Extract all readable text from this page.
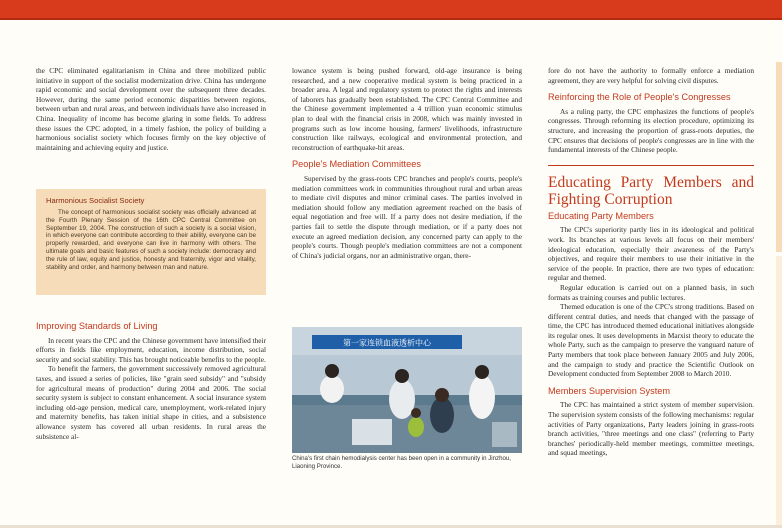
the CPC eliminated egalitarianism in China and three mobilized public initiative in support of the socialist modernization drive. China has undergone rapid economic and social development over the subsequent three decades. However, during the same period economic disparities between regions, between urban and rural areas, and between individuals have also increased in China. Inequality of income has become glaring in some fields. To address these issues the CPC adopted, in a timely fashion, the policy of building a harmonious socialist society which focuses firmly on the key objective of maintaining and achieving equity and justice.

Harmonious Socialist Society
The concept of harmonious socialist society was officially advanced at the Fourth Plenary Session of the 16th CPC Central Committee on September 19, 2004. The construction of such a society is a social vision, in which everyone can contribute according to their ability, everyone can be properly rewarded, and everyone can live in harmony with others. The ultimate goals and basic features of such a society include: democracy and the rule of law, equity and justice, honesty and fraternity, vigor and vitality, stability and order, and harmony between man and nature.
Improving Standards of Living

In recent years the CPC and the Chinese government have intensified their efforts in fields like employment, education, income distribution, social security and social stability. This has brought noticeable benefits to the people.

To benefit the farmers, the government successively removed agricultural taxes, and issued a series of policies, like "grain seed subsidy" and "subsidy for agricultural means of production" during 2004 and 2006. The social security system is subject to constant enhancement. A social insurance system including old-age pension, medical care, unemployment, work-related injury and maternity benefits, has taken initial shape in cities, and a subsistence allowance system has covered all urban residents. In rural areas the subsistence al-

lowance system is being pushed forward, old-age insurance is being researched, and a new cooperative medical system is being practiced in a broader area. A legal and regulatory system to protect the rights and interests of laborers has gradually been established. The CPC Central Committee and the Chinese government implemented a 4 trillion yuan economic stimulus plan to deal with the financial crisis in 2008, which was mainly invested in programs such as low income housing, farmers' livelihoods, infrastructure construction like railways, ecological and environmental protection, and reconstruction of earthquake-hit areas.

People's Mediation Committees

Supervised by the grass-roots CPC branches and people's courts, people's mediation committees work in communities throughout rural and urban areas to mediate civil disputes and minor criminal cases. The parties involved in mediation should follow any mediation agreement reached on the basis of equal negotiation and free will. If a party does not desire mediation, if the parties fail to settle the dispute through mediation, or if a party does not execute an agreed mediation decision, any concerned party can apply to the people's courts. Though people's mediation committees are not a component of China's judicial organs, nor an administrative organ, there-

第一家连锁血液透析中心
China's first chain hemodialysis center has been open in a community in Jinzhou, Liaoning Province.

fore do not have the authority to formally enforce a mediation agreement, they are very helpful for solving civil disputes.

Reinforcing the Role of People's Congresses

As a ruling party, the CPC emphasizes the functions of people's congresses. Through reforming its election procedure, optimizing its structure, and increasing the proportion of grass-roots deputies, the CPC ensures that decisions of people's congresses are in line with the fundamental interests of the Chinese people.

Educating Party Members and Fighting Corruption
Educating Party Members

The CPC's superiority partly lies in its ideological and political work. Its branches at various levels all focus on their members' ideological education, especially their awareness of the Party's objectives, and require their members to use their initiative in the service of the people. In practice, there are two types of education: regular and themed.

Regular education is carried out on a planned basis, in such formats as training courses and public lectures.

Themed education is one of the CPC's strong traditions. Based on different central duties, and needs that changed with the passage of time, the CPC has introduced themed educational initiatives alongside its regular ones. It uses developments in Marxist theory to educate the whole Party, such as the campaign to preserve the vanguard nature of Party members that took place between January 2005 and July 2006, and the campaign to study and practice the Scientific Outlook on Development conducted from September 2008 to March 2010.

Members Supervision System

The CPC has maintained a strict system of member supervision. The supervision system consists of the following mechanisms: regular activities of Party organizations, Party leaders joining in grass-roots branch activities, "three meetings and one class" (referring to Party branches' periodically-held member meetings, committee meetings, and squad meetings,
